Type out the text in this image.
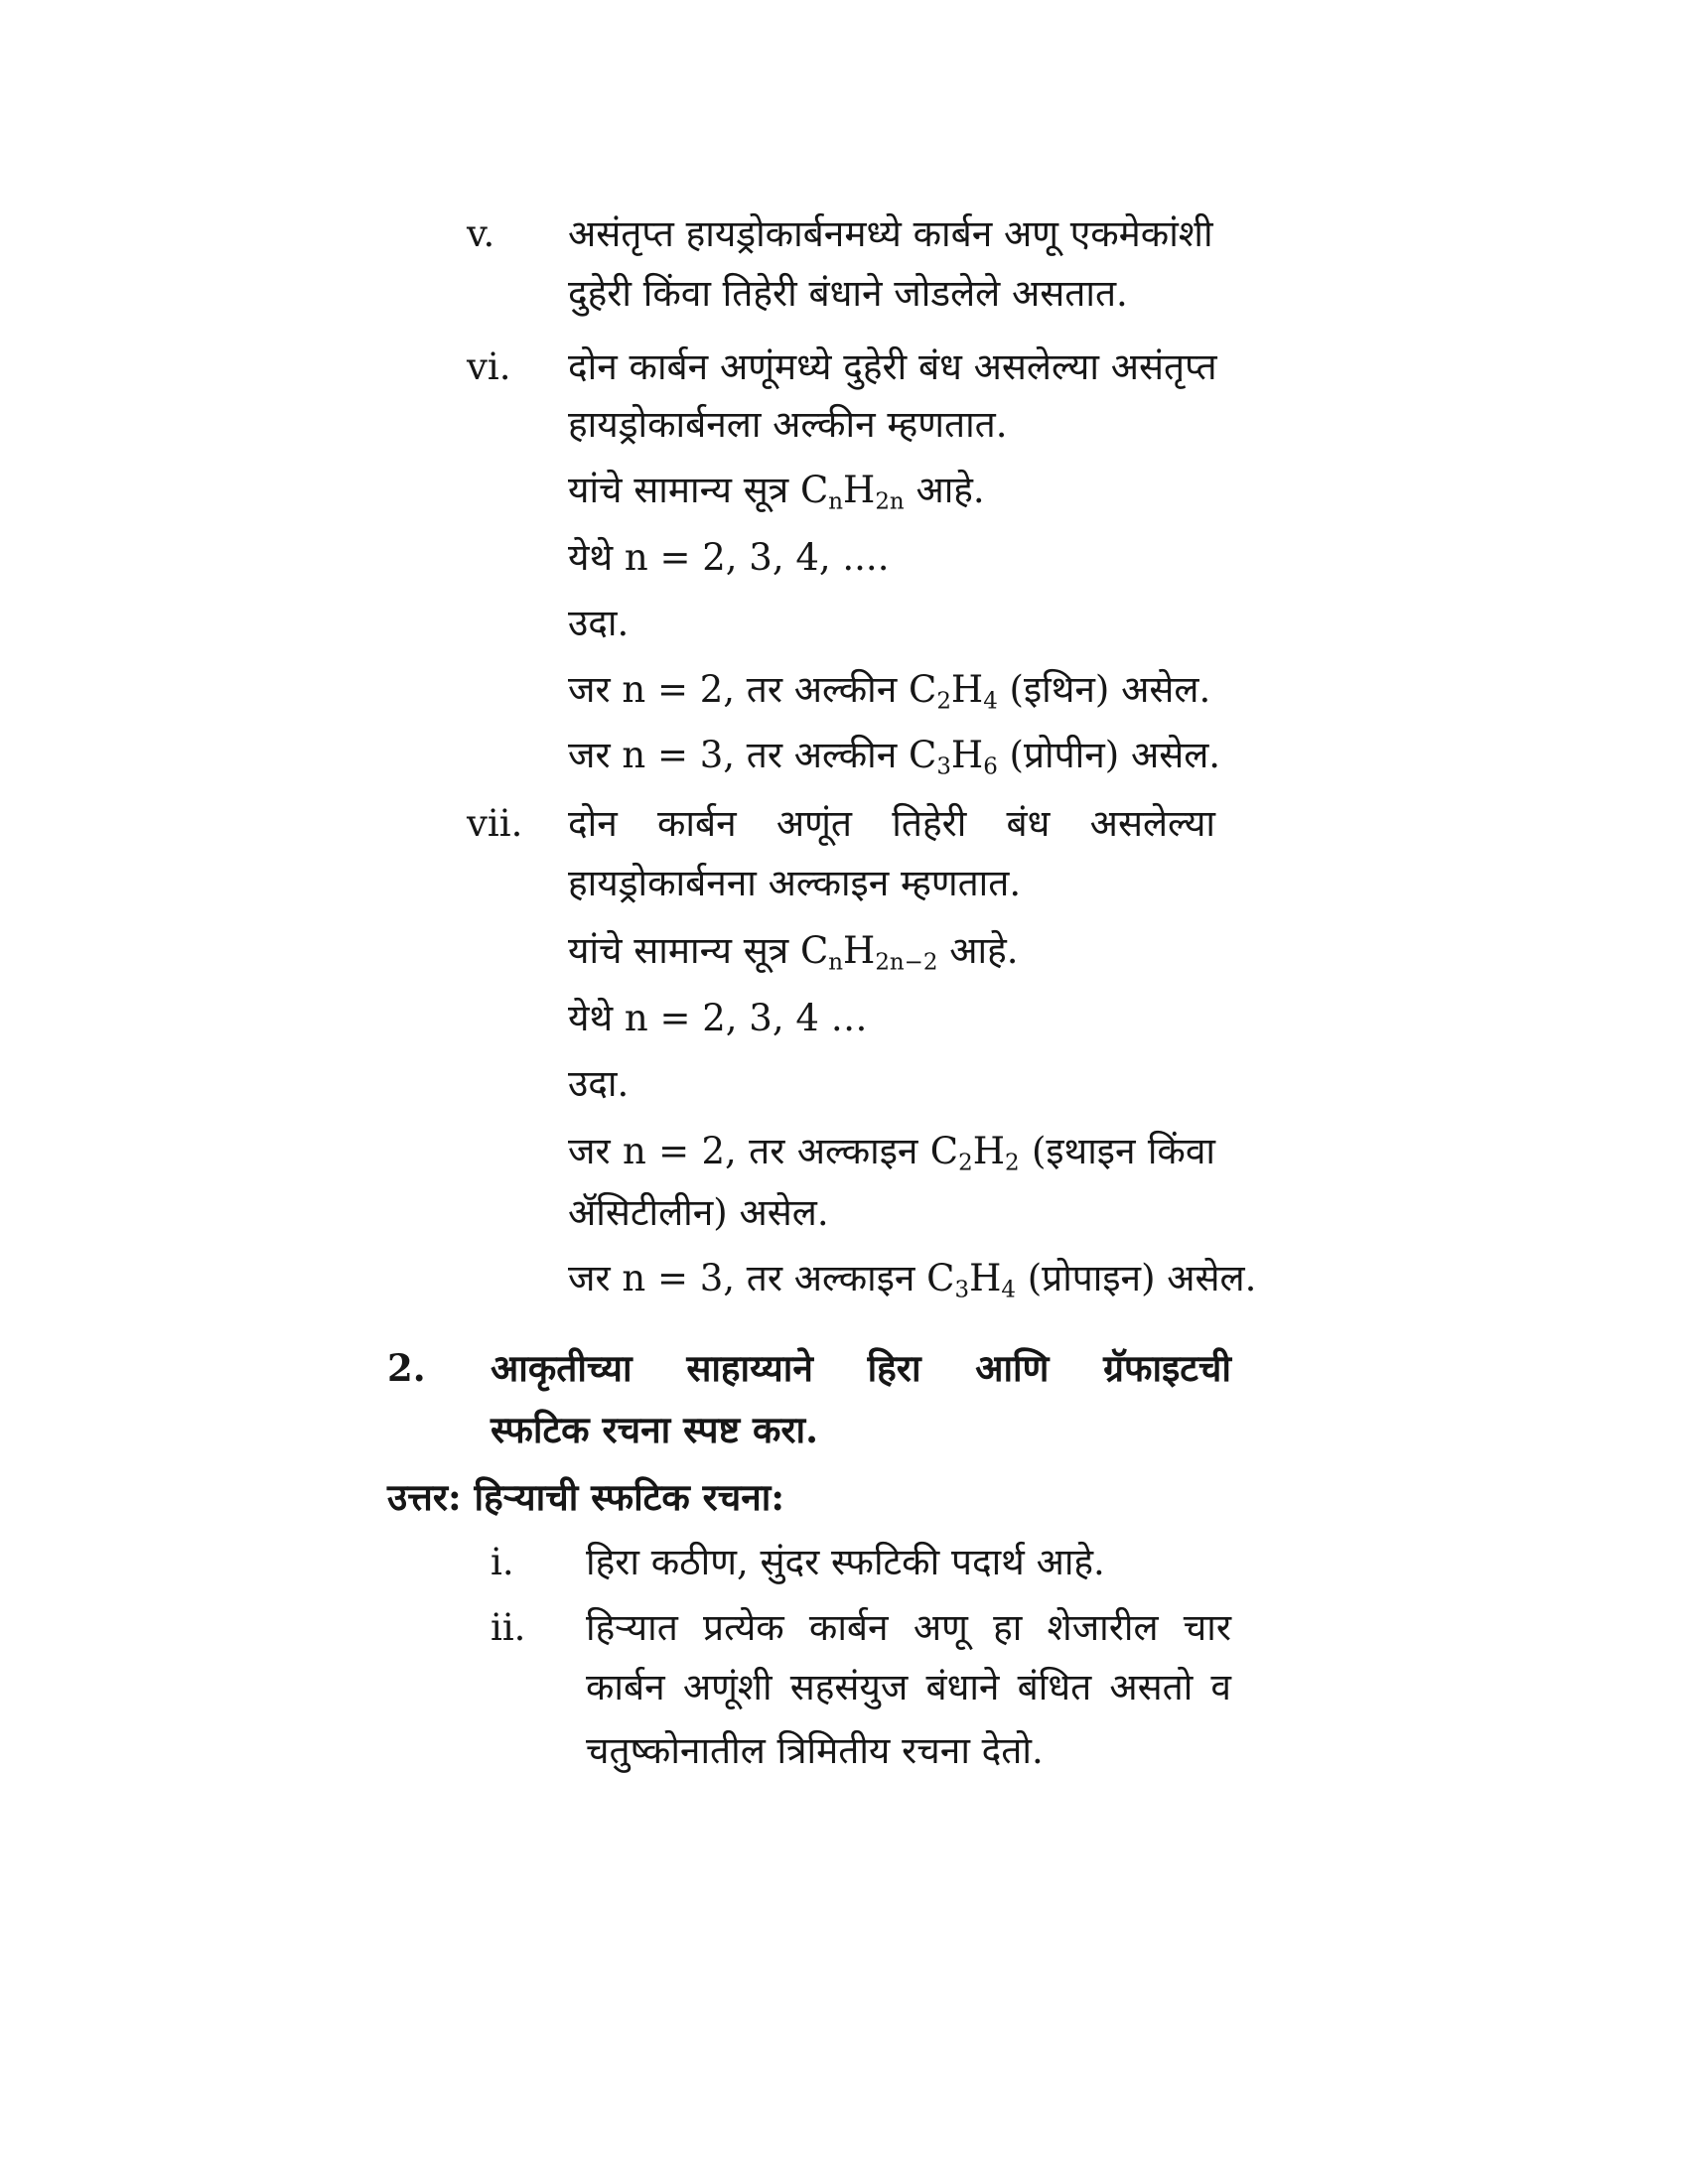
v. असंतृप्त हायड्रोकार्बनमध्ये कार्बन अणू एकमेकांशी
दुहेरी किंवा तिहेरी बंधाने जोडलेले असतात.
vi. दोन कार्बन अणूंमध्ये दुहेरी बंध असलेल्या असंतृप्त
हायड्रोकार्बनला अल्कीन म्हणतात.
यांचे सामान्य सूत्र $C_nH_{2n}$ आहे.
येथे n = 2, 3, 4, ....
उदा.
जर n = 2, तर अल्कीन $C_2H_4$ (इथिन) असेल.
जर n = 3, तर अल्कीन $C_3H_6$ (प्रोपीन) असेल.
vii. दोन कार्बन अणूंत तिहेरी बंध असलेल्या
हायड्रोकार्बनना अल्काइन म्हणतात.
यांचे सामान्य सूत्र $C_nH_{2n-2}$ आहे.
येथे n = 2, 3, 4 …
उदा.
जर n = 2, तर अल्काइन $C_2H_2$ (इथाइन किंवा
ॲसिटीलीन) असेल.
जर n = 3, तर अल्काइन $C_3H_4$ (प्रोपाइन) असेल.
2. आकृतीच्या साहाय्याने हिरा आणि ग्रॅफाइटची
स्फटिक रचना स्पष्ट करा.
उत्तर: हिऱ्याची स्फटिक रचना:
i. हिरा कठीण, सुंदर स्फटिकी पदार्थ आहे.
ii. हिऱ्यात प्रत्येक कार्बन अणू हा शेजारील चार
कार्बन अणूंशी सहसंयुज बंधाने बंधित असतो व
चतुष्कोनातील त्रिमितीय रचना देतो.
